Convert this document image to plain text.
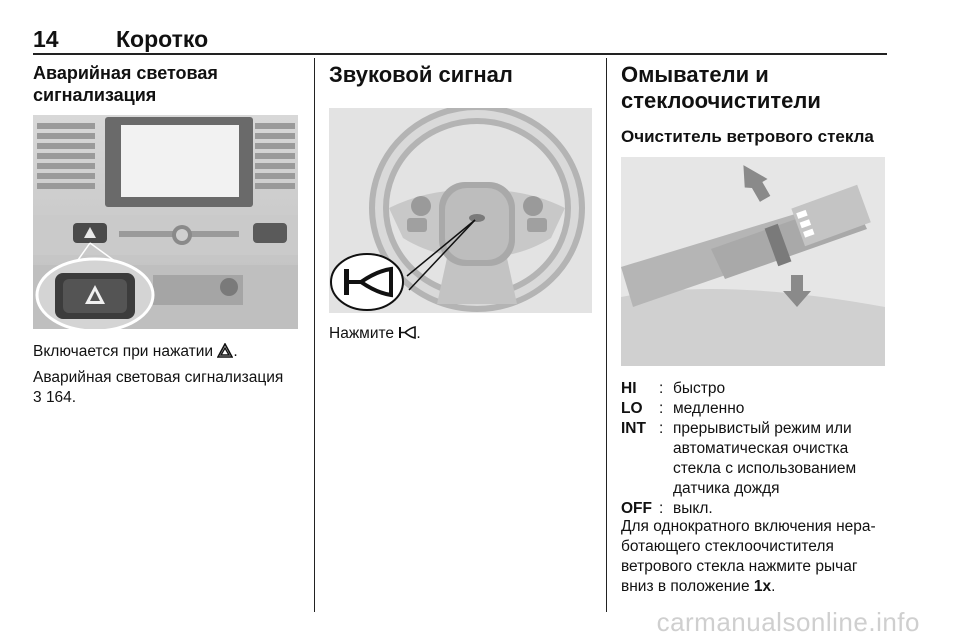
14 Коротко
Аварийная световая
сигнализация
Включается при нажатии .
Аварийная световая сигнализация
3 164.
Звуковой сигнал
Нажмите .
Омыватели и
стеклоочистители
Очиститель ветрового стекла
HI	: быстро
LO	: медленно
INT : прерывистый режим или
автоматическая очистка
стекла с использованием
датчика дождя
OFF : выкл.
Для однократного включения нера‐
ботающего стеклоочистителя
ветрового стекла нажмите рычаг
вниз в положение 1x.
carmanualsonline.info
